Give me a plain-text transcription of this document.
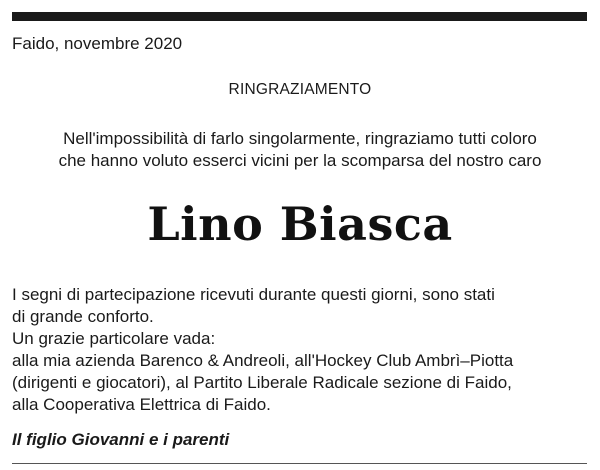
Faido, novembre 2020
RINGRAZIAMENTO
Nell'impossibilità di farlo singolarmente, ringraziamo tutti coloro
che hanno voluto esserci vicini per la scomparsa del nostro caro
Lino Biasca
I segni di partecipazione ricevuti durante questi giorni, sono stati
di grande conforto.
Un grazie particolare vada:
alla mia azienda Barenco & Andreoli, all'Hockey Club Ambrì–Piotta
(dirigenti e giocatori), al Partito Liberale Radicale sezione di Faido,
alla Cooperativa Elettrica di Faido.
Il figlio Giovanni e i parenti
